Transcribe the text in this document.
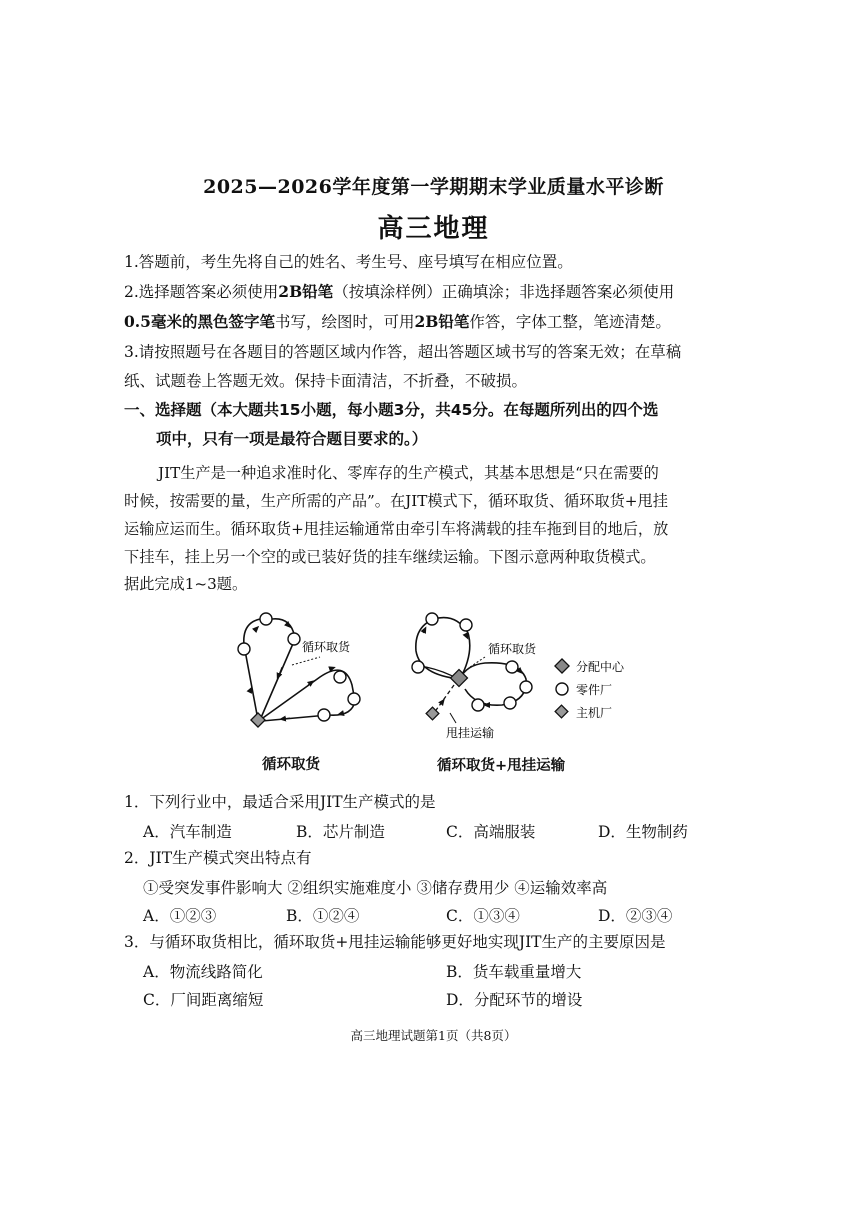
2025—2026学年度第一学期期末学业质量水平诊断
高三地理
1.答题前，考生先将自己的姓名、考生号、座号填写在相应位置。
2.选择题答案必须使用2B铅笔（按填涂样例）正确填涂；非选择题答案必须使用
0.5毫米的黑色签字笔书写，绘图时，可用2B铅笔作答，字体工整，笔迹清楚。
3.请按照题号在各题目的答题区域内作答，超出答题区域书写的答案无效；在草稿
纸、试题卷上答题无效。保持卡面清洁，不折叠，不破损。
一、选择题（本大题共15小题，每小题3分，共45分。在每题所列出的四个选
项中，只有一项是最符合题目要求的。）
JIT生产是一种追求准时化、零库存的生产模式，其基本思想是“只在需要的
时候，按需要的量，生产所需的产品”。在JIT模式下，循环取货、循环取货+甩挂
运输应运而生。循环取货+甩挂运输通常由牵引车将满载的挂车拖到目的地后，放
下挂车，挂上另一个空的或已装好货的挂车继续运输。下图示意两种取货模式。
据此完成1~3题。
循环取货	循环取货
甩挂运输
分配中心
零件厂
主机厂
循环取货	循环取货+甩挂运输
1．下列行业中，最适合采用JIT生产模式的是
A．汽车制造	B．芯片制造	C．高端服装	D．生物制药
2．JIT生产模式突出特点有
①受突发事件影响大 ②组织实施难度小 ③储存费用少 ④运输效率高
A．①②③	B．①②④	C．①③④	D．②③④
3．与循环取货相比，循环取货+甩挂运输能够更好地实现JIT生产的主要原因是
A．物流线路简化	B．货车载重量增大
C．厂间距离缩短	D．分配环节的增设
高三地理试题第1页（共8页）
